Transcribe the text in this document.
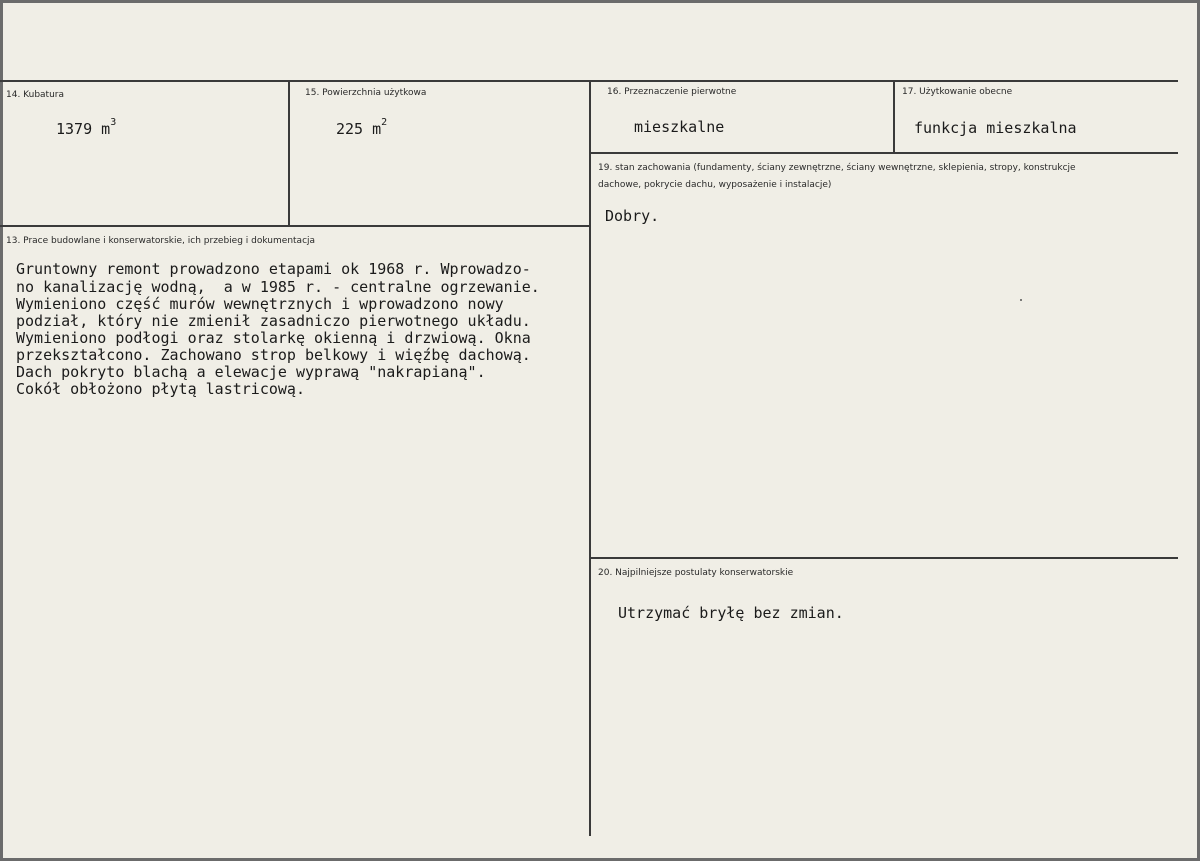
14. Kubatura
1379 $m^3$
15. Powierzchnia użytkowa
225 $m^2$
16. Przeznaczenie pierwotne
mieszkalne
17. Użytkowanie obecne
funkcja mieszkalna
19. stan zachowania (fundamenty, ściany zewnętrzne, ściany wewnętrzne, sklepienia, stropy, konstrukcje dachowe, pokrycie dachu, wyposażenie i instalacje)
Dobry.
13. Prace budowlane i konserwatorskie, ich przebieg i dokumentacja
Gruntowny remont prowadzono etapami ok 1968 r. Wprowadzo-
no kanalizację wodną,  a w 1985 r. - centralne ogrzewanie.
Wymieniono część murów wewnętrznych i wprowadzono nowy
podział, który nie zmienił zasadniczo pierwotnego układu.
Wymieniono podłogi oraz stolarkę okienną i drzwiową. Okna
przekształcono. Zachowano strop belkowy i więźbę dachową.
Dach pokryto blachą a elewacje wyprawą "nakrapianą".
Cokół obłożono płytą lastricową.
20. Najpilniejsze postulaty konserwatorskie
Utrzymać bryłę bez zmian.
